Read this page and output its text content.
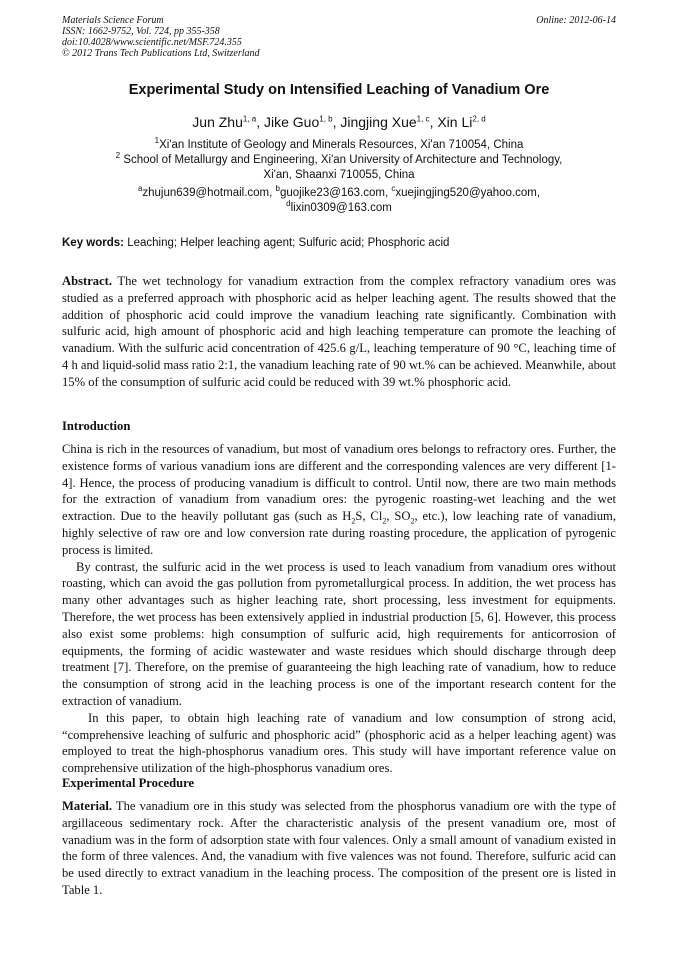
Materials Science Forum
ISSN: 1662-9752, Vol. 724, pp 355-358
doi:10.4028/www.scientific.net/MSF.724.355
© 2012 Trans Tech Publications Ltd, Switzerland
Online: 2012-06-14
Experimental Study on Intensified Leaching of Vanadium Ore
Jun Zhu$^{1, a}$, Jike Guo$^{1, b}$, Jingjing Xue$^{1, c}$, Xin Li$^{2, d}$
$^1$Xi'an Institute of Geology and Minerals Resources, Xi'an 710054, China
$^2$ School of Metallurgy and Engineering, Xi'an University of Architecture and Technology,
Xi'an, Shaanxi 710055, China
$^a$zhujun639@hotmail.com, $^b$guojike23@163.com, $^c$xuejingjing520@yahoo.com,
$^d$lixin0309@163.com
Key words: Leaching; Helper leaching agent; Sulfuric acid; Phosphoric acid

Abstract. The wet technology for vanadium extraction from the complex refractory vanadium ores was studied as a preferred approach with phosphoric acid as helper leaching agent. The results showed that the addition of phosphoric acid could improve the vanadium leaching rate significantly. Combination with sulfuric acid, high amount of phosphoric acid and high leaching temperature can promote the leaching of vanadium. With the sulfuric acid concentration of 425.6 g/L, leaching temperature of 90 °C, leaching time of 4 h and liquid-solid mass ratio 2:1, the vanadium leaching rate of 90 wt.% can be achieved. Meanwhile, about 15% of the consumption of sulfuric acid could be reduced with 39 wt.% phosphoric acid.

Introduction

China is rich in the resources of vanadium, but most of vanadium ores belongs to refractory ores. Further, the existence forms of various vanadium ions are different and the corresponding valences are very different [1-4]. Hence, the process of producing vanadium is difficult to control. Until now, there are two main methods for the extraction of vanadium from vanadium ores: the pyrogenic roasting-wet leaching and the wet extraction. Due to the heavily pollutant gas (such as $H_2S$, $Cl_2$, $SO_2$, etc.), low leaching rate of vanadium, highly selective of raw ore and low conversion rate during roasting procedure, the application of pyrogenic process is limited.

By contrast, the sulfuric acid in the wet process is used to leach vanadium from vanadium ores without roasting, which can avoid the gas pollution from pyrometallurgical process. In addition, the wet process has many other advantages such as higher leaching rate, short processing, less investment for equipments. Therefore, the wet process has been extensively applied in industrial production [5, 6]. However, this process also exist some problems: high consumption of sulfuric acid, high requirements for anticorrosion of equipments, the forming of acidic wastewater and waste residues which should discharge through deep treatment [7]. Therefore, on the premise of guaranteeing the high leaching rate of vanadium, how to reduce the consumption of strong acid in the leaching process is one of the important research content for the extraction of vanadium.

In this paper, to obtain high leaching rate of vanadium and low consumption of strong acid, “comprehensive leaching of sulfuric and phosphoric acid” (phosphoric acid as a helper leaching agent) was employed to treat the high-phosphorus vanadium ores. This study will have important reference value on comprehensive utilization of the high-phosphorus vanadium ores.

Experimental Procedure

Material. The vanadium ore in this study was selected from the phosphorus vanadium ore with the type of argillaceous sedimentary rock. After the characteristic analysis of the present vanadium ore, most of vanadium was in the form of adsorption state with four valences. Only a small amount of vanadium existed in the form of three valences. And, the vanadium with five valences was not found. Therefore, sulfuric acid can be used directly to extract vanadium in the leaching process. The composition of the present ore is listed in Table 1.
